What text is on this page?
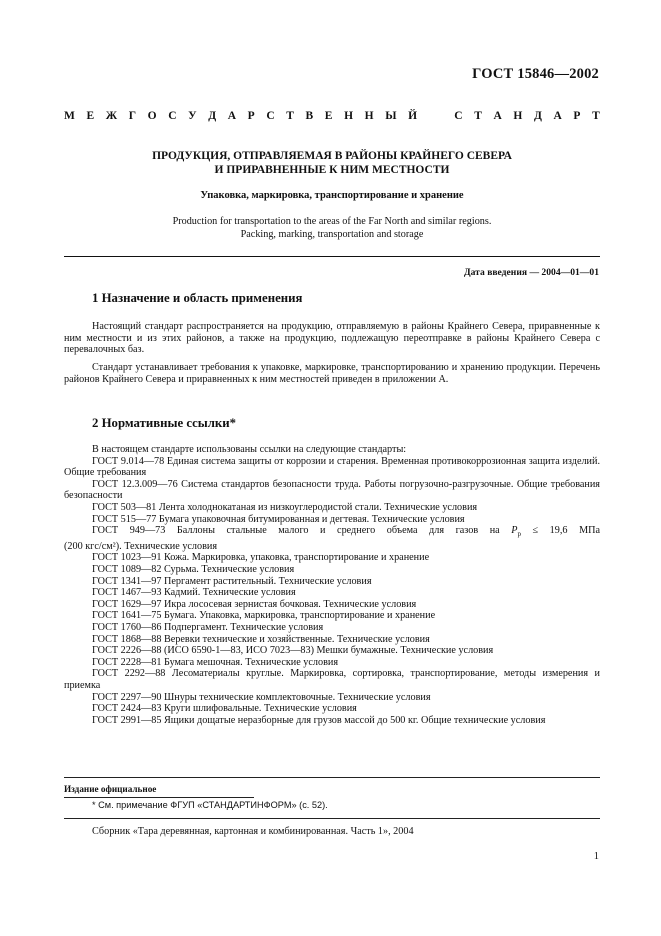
ГОСТ 15846—2002
М Е Ж Г О С У Д А Р С Т В Е Н Н Ы Й	С Т А Н Д А Р Т
ПРОДУКЦИЯ, ОТПРАВЛЯЕМАЯ В РАЙОНЫ КРАЙНЕГО СЕВЕРА
И ПРИРАВНЕННЫЕ К НИМ МЕСТНОСТИ
Упаковка, маркировка, транспортирование и хранение
Production for transportation to the areas of the Far North and similar regions.
Packing, marking, transportation and storage
Дата введения — 2004—01—01
1 Назначение и область применения
Настоящий стандарт распространяется на продукцию, отправляемую в районы Крайнего Севера, приравненные к ним местности и из этих районов, а также на продукцию, подлежащую переотправке в районы Крайнего Севера с перевалочных баз.
Стандарт устанавливает требования к упаковке, маркировке, транспортированию и хранению продукции. Перечень районов Крайнего Севера и приравненных к ним местностей приведен в приложении А.
2 Нормативные ссылки*
В настоящем стандарте использованы ссылки на следующие стандарты:
ГОСТ 9.014—78 Единая система защиты от коррозии и старения. Временная противокоррозионная защита изделий. Общие требования
ГОСТ 12.3.009—76 Система стандартов безопасности труда. Работы погрузочно-разгрузочные. Общие требования безопасности
ГОСТ 503—81 Лента холоднокатаная из низкоуглеродистой стали. Технические условия
ГОСТ 515—77 Бумага упаковочная битумированная и дегтевая. Технические условия
ГОСТ 949—73 Баллоны стальные малого и среднего объема для газов на $P_p \le 19,6$ МПа
(200 кгс/см²). Технические условия
ГОСТ 1023—91 Кожа. Маркировка, упаковка, транспортирование и хранение
ГОСТ 1089—82 Сурьма. Технические условия
ГОСТ 1341—97 Пергамент растительный. Технические условия
ГОСТ 1467—93 Кадмий. Технические условия
ГОСТ 1629—97 Икра лососевая зернистая бочковая. Технические условия
ГОСТ 1641—75 Бумага. Упаковка, маркировка, транспортирование и хранение
ГОСТ 1760—86 Подпергамент. Технические условия
ГОСТ 1868—88 Веревки технические и хозяйственные. Технические условия
ГОСТ 2226—88 (ИСО 6590-1—83, ИСО 7023—83) Мешки бумажные. Технические условия
ГОСТ 2228—81 Бумага мешочная. Технические условия
ГОСТ 2292—88 Лесоматериалы круглые. Маркировка, сортировка, транспортирование, методы измерения и приемка
ГОСТ 2297—90 Шнуры технические комплектовочные. Технические условия
ГОСТ 2424—83 Круги шлифовальные. Технические условия
ГОСТ 2991—85 Ящики дощатые неразборные для грузов массой до 500 кг. Общие технические условия
Издание официальное
* См. примечание ФГУП «СТАНДАРТИНФОРМ» (с. 52).
Сборник «Тара деревянная, картонная и комбинированная. Часть 1», 2004
1
